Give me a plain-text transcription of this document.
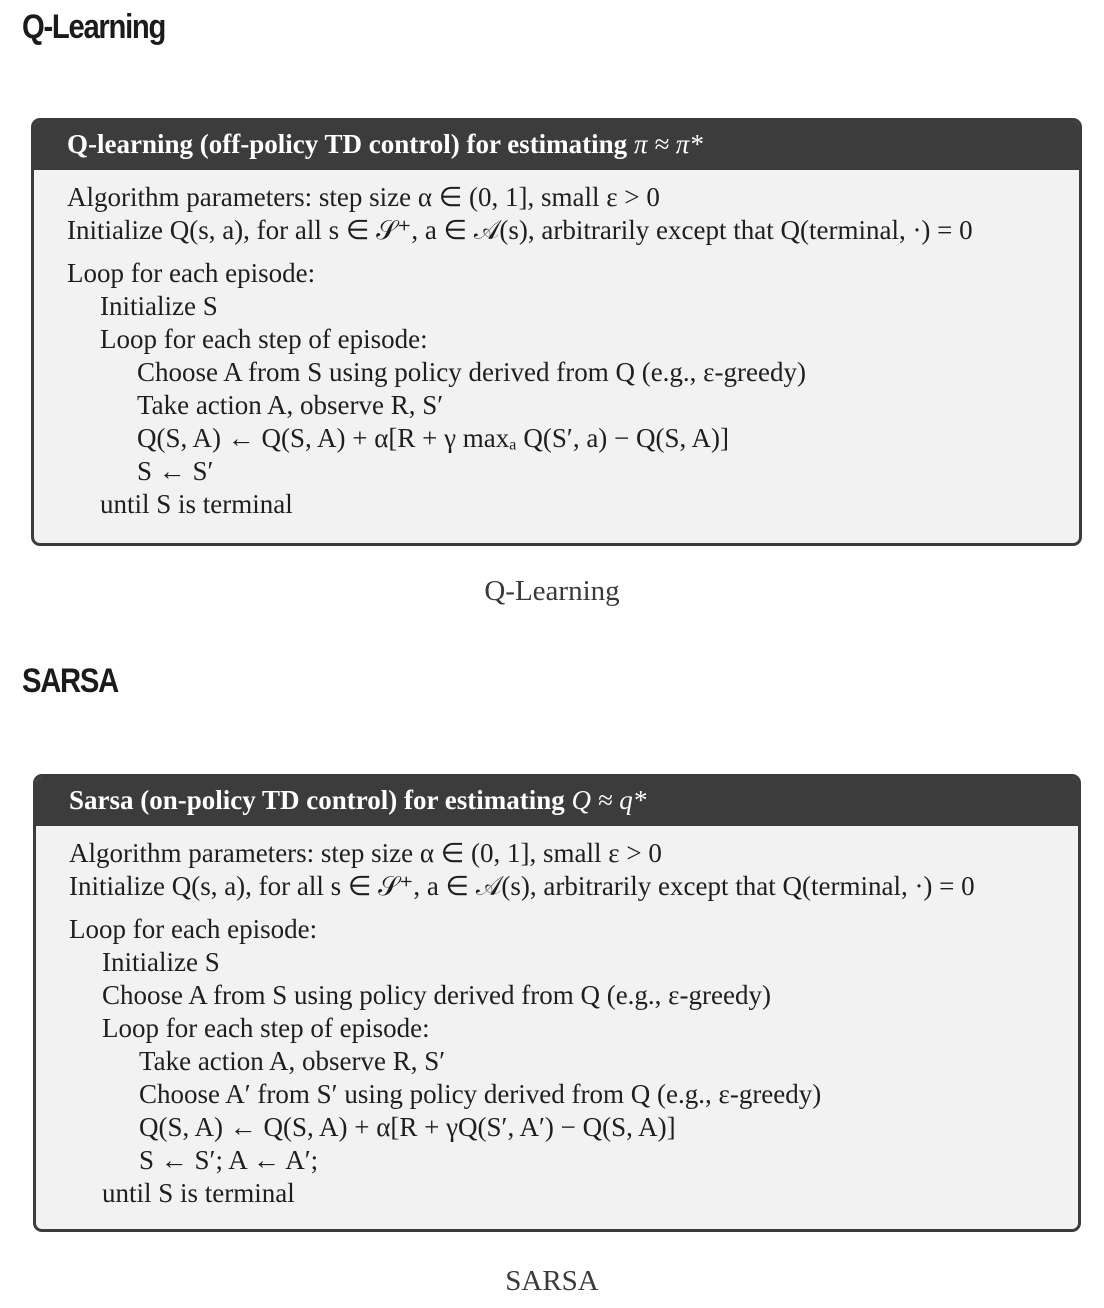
Q-Learning
Q-learning (off-policy TD control) for estimating π ≈ π*
Algorithm parameters: step size α ∈ (0, 1], small ε > 0
Initialize Q(s, a), for all s ∈ 𝒮⁺, a ∈ 𝒜(s), arbitrarily except that Q(terminal, ·) = 0
Loop for each episode:
Initialize S
Loop for each step of episode:
Choose A from S using policy derived from Q (e.g., ε-greedy)
Take action A, observe R, S′
Q(S, A) ← Q(S, A) + α[R + γ maxₐ Q(S′, a) − Q(S, A)]
S ← S′
until S is terminal
Q-Learning
SARSA
Sarsa (on-policy TD control) for estimating Q ≈ q*
Algorithm parameters: step size α ∈ (0, 1], small ε > 0
Initialize Q(s, a), for all s ∈ 𝒮⁺, a ∈ 𝒜(s), arbitrarily except that Q(terminal, ·) = 0
Loop for each episode:
Initialize S
Choose A from S using policy derived from Q (e.g., ε-greedy)
Loop for each step of episode:
Take action A, observe R, S′
Choose A′ from S′ using policy derived from Q (e.g., ε-greedy)
Q(S, A) ← Q(S, A) + α[R + γQ(S′, A′) − Q(S, A)]
S ← S′; A ← A′;
until S is terminal
SARSA
